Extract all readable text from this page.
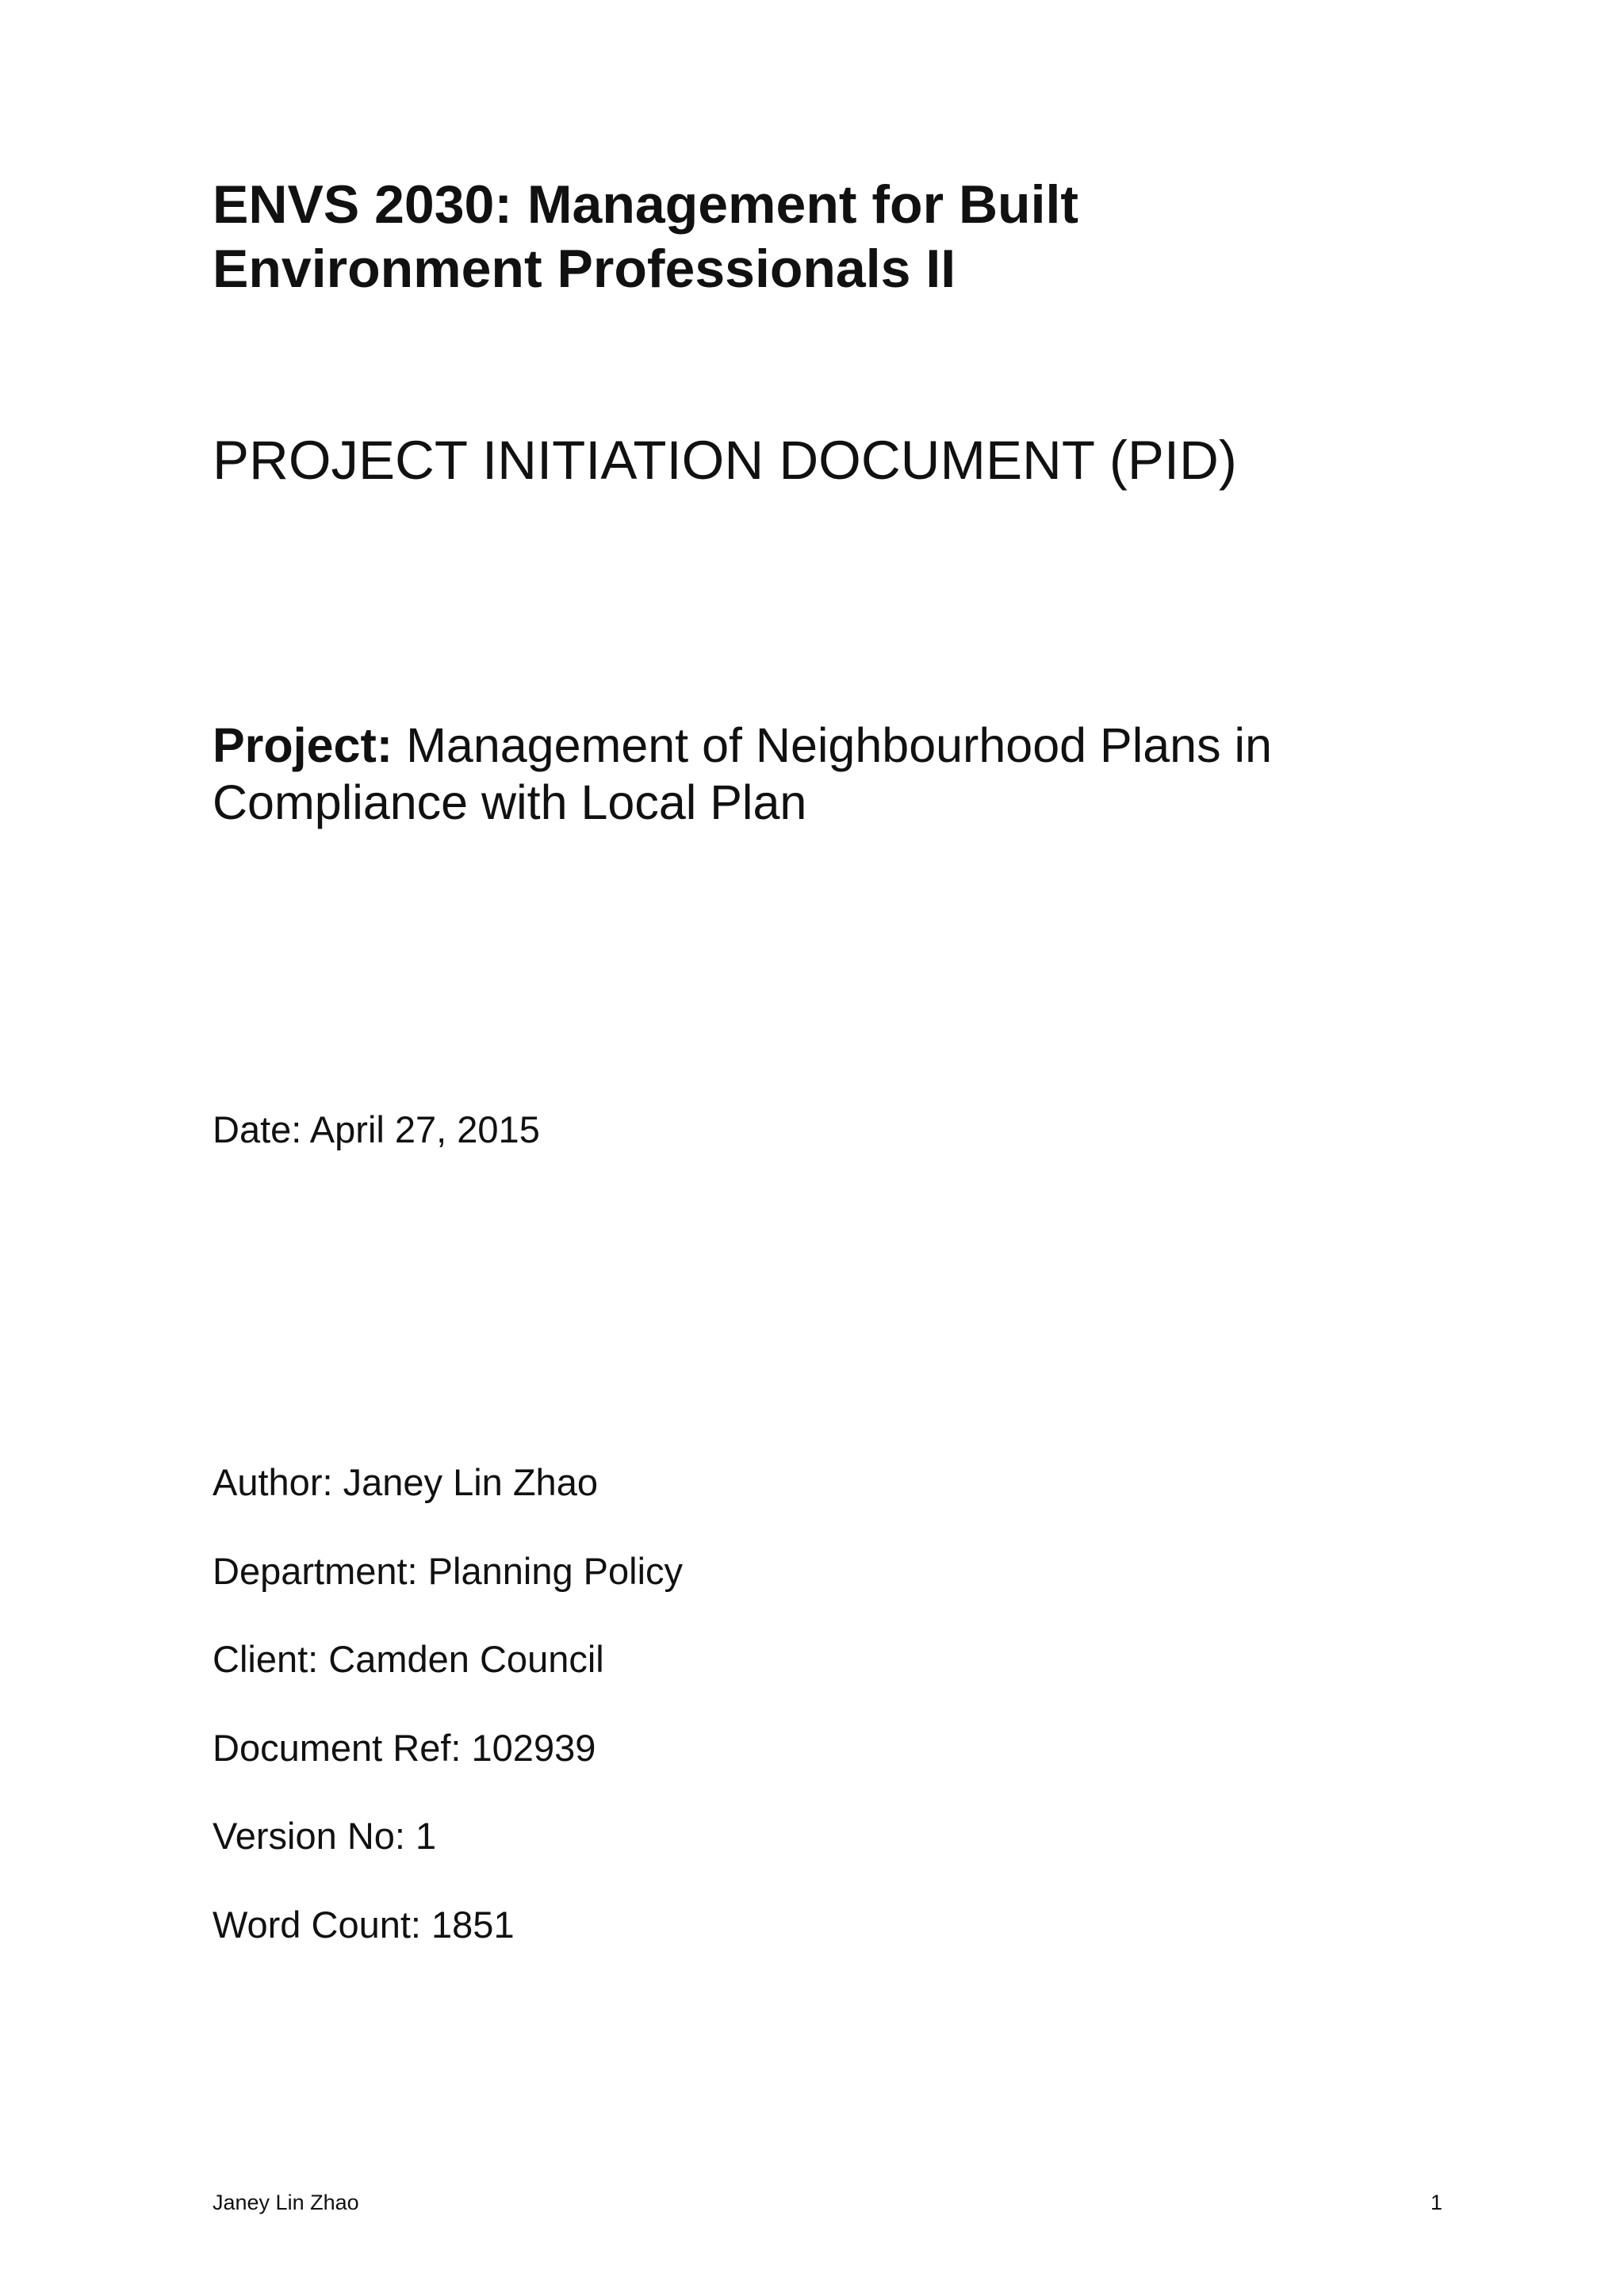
ENVS 2030: Management for Built
Environment Professionals II
PROJECT INITIATION DOCUMENT (PID)

Project: Management of Neighbourhood Plans in
Compliance with Local Plan

Date: April 27, 2015

Author: Janey Lin Zhao

Department: Planning Policy

Client: Camden Council

Document Ref: 102939

Version No: 1

Word Count: 1851

Janey Lin Zhao	1
